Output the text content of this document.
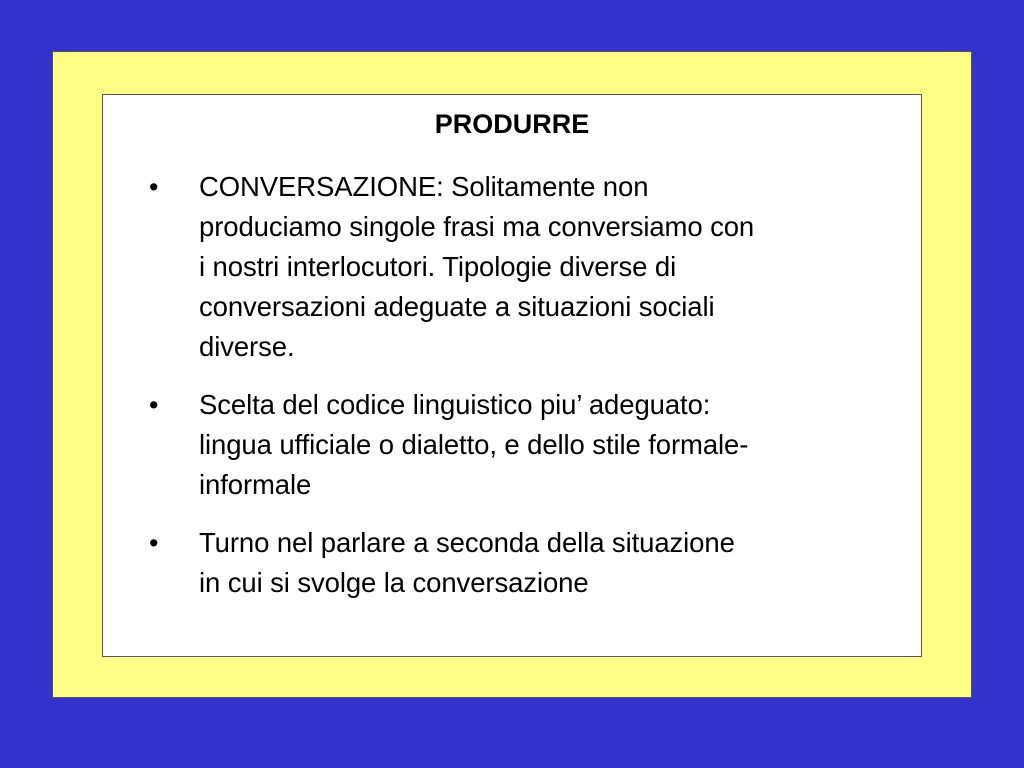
PRODURRE
•	CONVERSAZIONE: Solitamente non
produciamo singole frasi ma conversiamo con
i nostri interlocutori. Tipologie diverse di
conversazioni adeguate a situazioni sociali
diverse.
•	Scelta del codice linguistico piu’ adeguato:
lingua ufficiale o dialetto, e dello stile formale-
informale
•	Turno nel parlare a seconda della situazione
in cui si svolge la conversazione
